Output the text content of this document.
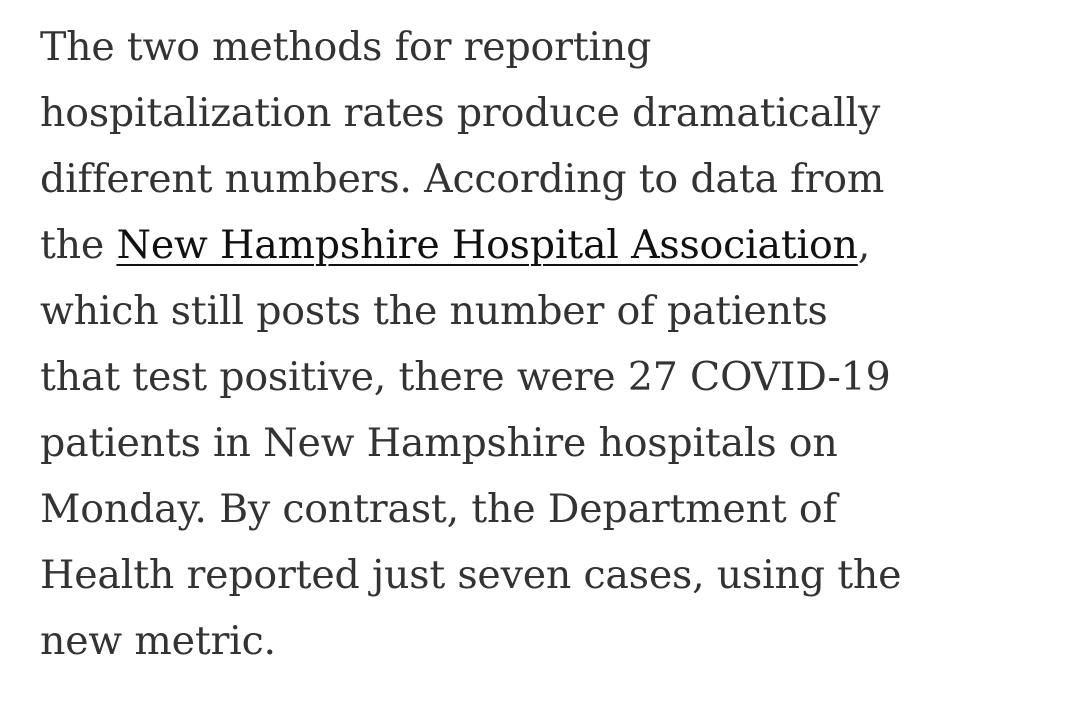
The two methods for reporting
hospitalization rates produce dramatically
different numbers. According to data from
the New Hampshire Hospital Association,
which still posts the number of patients
that test positive, there were 27 COVID-19
patients in New Hampshire hospitals on
Monday. By contrast, the Department of
Health reported just seven cases, using the
new metric.
